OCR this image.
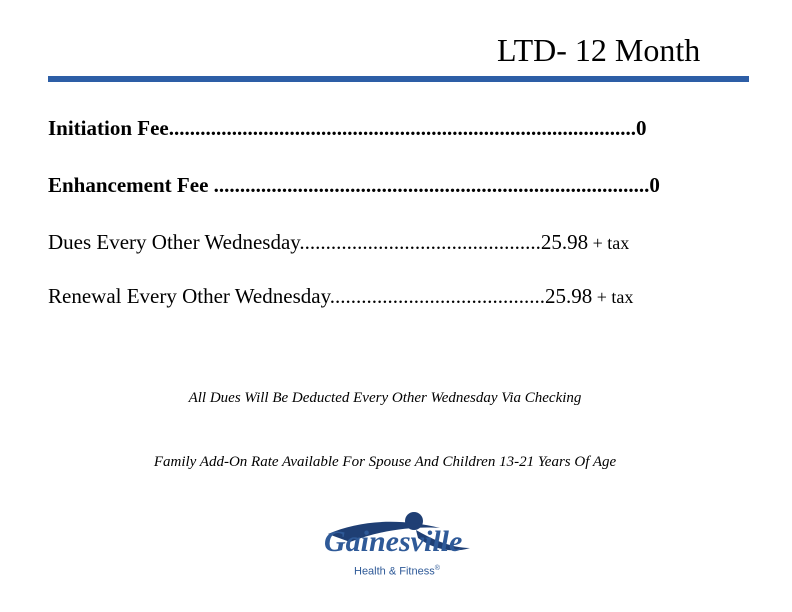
LTD- 12 Month
Initiation Fee.........................................................................................0
Enhancement Fee ...................................................................................0
Dues Every Other Wednesday..............................................25.98 + tax
Renewal Every Other Wednesday.........................................25.98 + tax
All Dues Will Be Deducted Every Other Wednesday Via Checking
Family Add-On Rate Available For Spouse And Children 13-21 Years Of Age
Gainesville
Health & Fitness®
